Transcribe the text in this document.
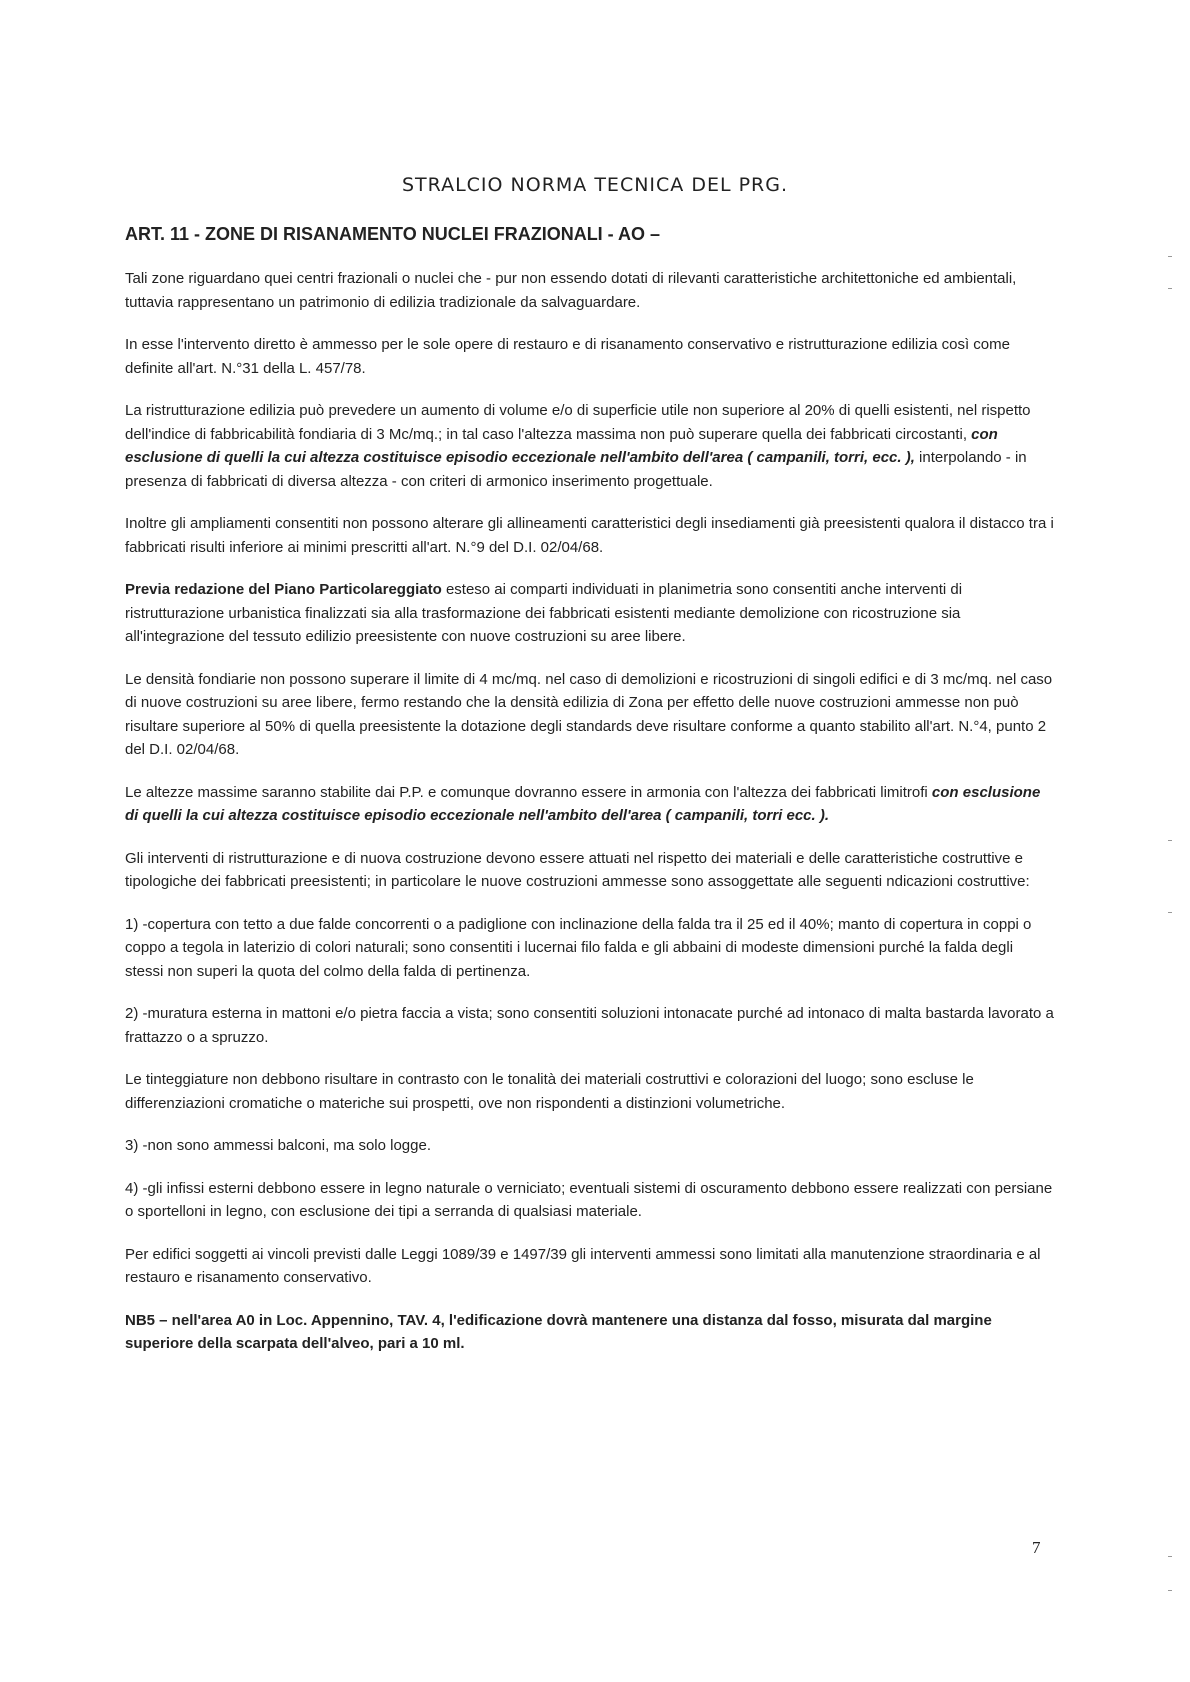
STRALCIO NORMA TECNICA DEL PRG.
ART. 11 - ZONE DI RISANAMENTO NUCLEI FRAZIONALI - AO –

Tali zone riguardano quei centri frazionali o nuclei che - pur non essendo dotati di rilevanti caratteristiche architettoniche ed ambientali, tuttavia rappresentano un patrimonio di edilizia tradizionale da salvaguardare.

In esse l'intervento diretto è ammesso per le sole opere di restauro e di risanamento conservativo e ristrutturazione edilizia così come definite all'art. N.°31 della L. 457/78.

La ristrutturazione edilizia può prevedere un aumento di volume e/o di superficie utile non superiore al 20% di quelli esistenti, nel rispetto dell'indice di fabbricabilità fondiaria di 3 Mc/mq.; in tal caso l'altezza massima non può superare quella dei fabbricati circostanti, con esclusione di quelli la cui altezza costituisce episodio eccezionale nell'ambito dell'area ( campanili, torri, ecc. ), interpolando - in presenza di fabbricati di diversa altezza - con criteri di armonico inserimento progettuale.

Inoltre gli ampliamenti consentiti non possono alterare gli allineamenti caratteristici degli insediamenti già preesistenti qualora il distacco tra i fabbricati risulti inferiore ai minimi prescritti all'art. N.°9 del D.I. 02/04/68.

Previa redazione del Piano Particolareggiato esteso ai comparti individuati in planimetria sono consentiti anche interventi di ristrutturazione urbanistica finalizzati sia alla trasformazione dei fabbricati esistenti mediante demolizione con ricostruzione sia all'integrazione del tessuto edilizio preesistente con nuove costruzioni su aree libere.

Le densità fondiarie non possono superare il limite di 4 mc/mq. nel caso di demolizioni e ricostruzioni di singoli edifici e di 3 mc/mq. nel caso di nuove costruzioni su aree libere, fermo restando che la densità edilizia di Zona per effetto delle nuove costruzioni ammesse non può risultare superiore al 50% di quella preesistente la dotazione degli standards deve risultare conforme a quanto stabilito all'art. N.°4, punto 2 del D.I. 02/04/68.

Le altezze massime saranno stabilite dai P.P. e comunque dovranno essere in armonia con l'altezza dei fabbricati limitrofi con esclusione di quelli la cui altezza costituisce episodio eccezionale nell'ambito dell'area ( campanili, torri ecc. ).

Gli interventi di ristrutturazione e di nuova costruzione devono essere attuati nel rispetto dei materiali e delle caratteristiche costruttive e tipologiche dei fabbricati preesistenti; in particolare le nuove costruzioni ammesse sono assoggettate alle seguenti ndicazioni costruttive:

1) -copertura con tetto a due falde concorrenti o a padiglione con inclinazione della falda tra il 25 ed il 40%; manto di copertura in coppi o coppo a tegola in laterizio di colori naturali; sono consentiti i lucernai filo falda e gli abbaini di modeste dimensioni purché la falda degli stessi non superi la quota del colmo della falda di pertinenza.

2) -muratura esterna in mattoni e/o pietra faccia a vista; sono consentiti soluzioni intonacate purché ad intonaco di malta bastarda lavorato a frattazzo o a spruzzo.

Le tinteggiature non debbono risultare in contrasto con le tonalità dei materiali costruttivi e colorazioni del luogo; sono escluse le differenziazioni cromatiche o materiche sui prospetti, ove non rispondenti a distinzioni volumetriche.

3) -non sono ammessi balconi, ma solo logge.

4) -gli infissi esterni debbono essere in legno naturale o verniciato; eventuali sistemi di oscuramento debbono essere realizzati con persiane o sportelloni in legno, con esclusione dei tipi a serranda di qualsiasi materiale.

Per edifici soggetti ai vincoli previsti dalle Leggi 1089/39 e 1497/39 gli interventi ammessi sono limitati alla manutenzione straordinaria e al restauro e risanamento conservativo.

NB5 – nell'area A0 in Loc. Appennino, TAV. 4, l'edificazione dovrà mantenere una distanza dal fosso, misurata dal margine superiore della scarpata dell'alveo, pari a 10 ml.

7
